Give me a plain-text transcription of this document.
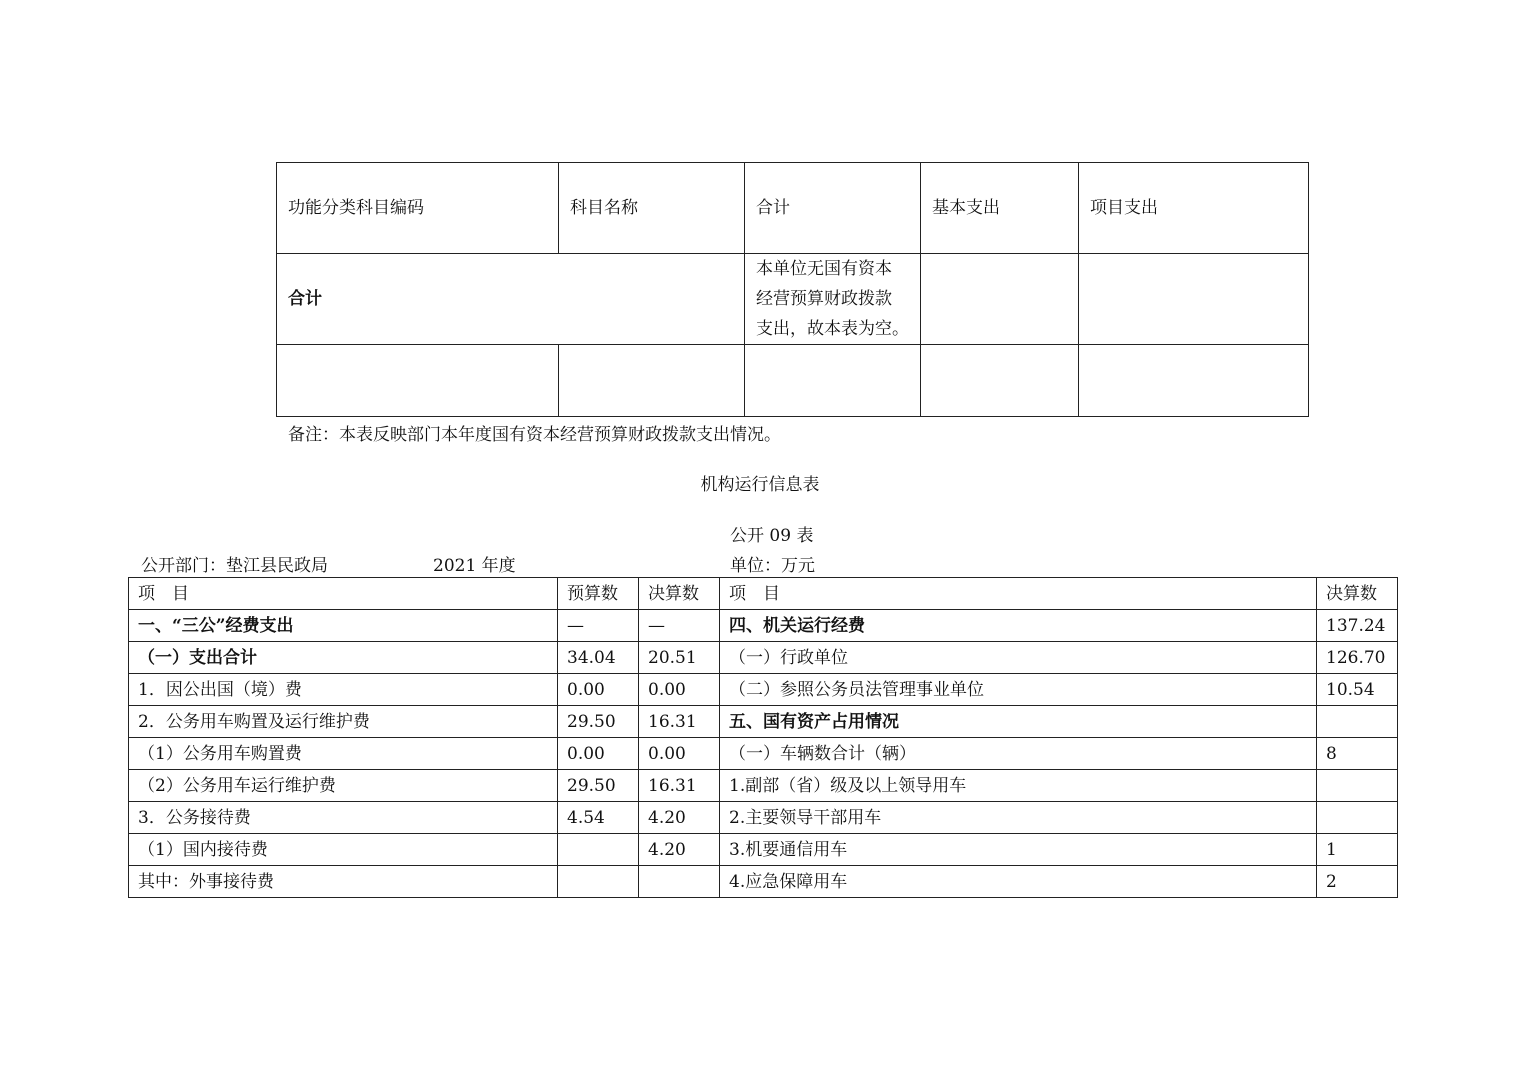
功能分类科目编码	科目名称	合计	基本支出	项目支出
合计		本单位无国有资本
经营预算财政拨款
支出，故本表为空。		

备注：本表反映部门本年度国有资本经营预算财政拨款支出情况。
机构运行信息表
公开 09 表
公开部门：垫江县民政局	2021 年度	单位：万元
项　目	预算数	决算数	项　目	决算数
一、“三公”经费支出	—	—	四、机关运行经费	137.24
（一）支出合计	34.04	20.51	（一）行政单位	126.70
1．因公出国（境）费	0.00	0.00	（二）参照公务员法管理事业单位	10.54
2．公务用车购置及运行维护费	29.50	16.31	五、国有资产占用情况	
（1）公务用车购置费	0.00	0.00	（一）车辆数合计（辆）	8
（2）公务用车运行维护费	29.50	16.31	1.副部（省）级及以上领导用车	
3．公务接待费	4.54	4.20	2.主要领导干部用车	
（1）国内接待费		4.20	3.机要通信用车	1
其中：外事接待费			4.应急保障用车	2
